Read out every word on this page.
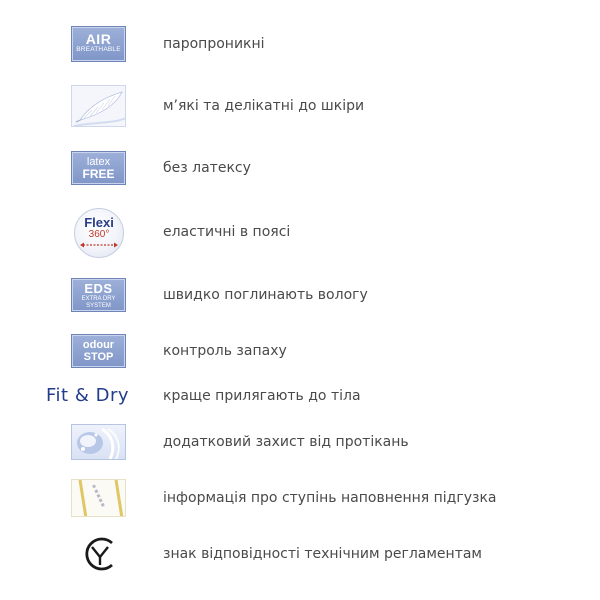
AIR
BREATHABLE	паропроникні
м’які та делікатні до шкіри
latex
FREE	без латексу
Flexi
360°	еластичні в поясі
EDS
EXTRA DRY SYSTEM
швидко поглинають вологу
odour
STOP	контроль запаху
Fit & Dry краще прилягають до тіла
додатковий захист від протікань
інформація про ступінь наповнення підгузка
знак відповідності технічним регламентам
